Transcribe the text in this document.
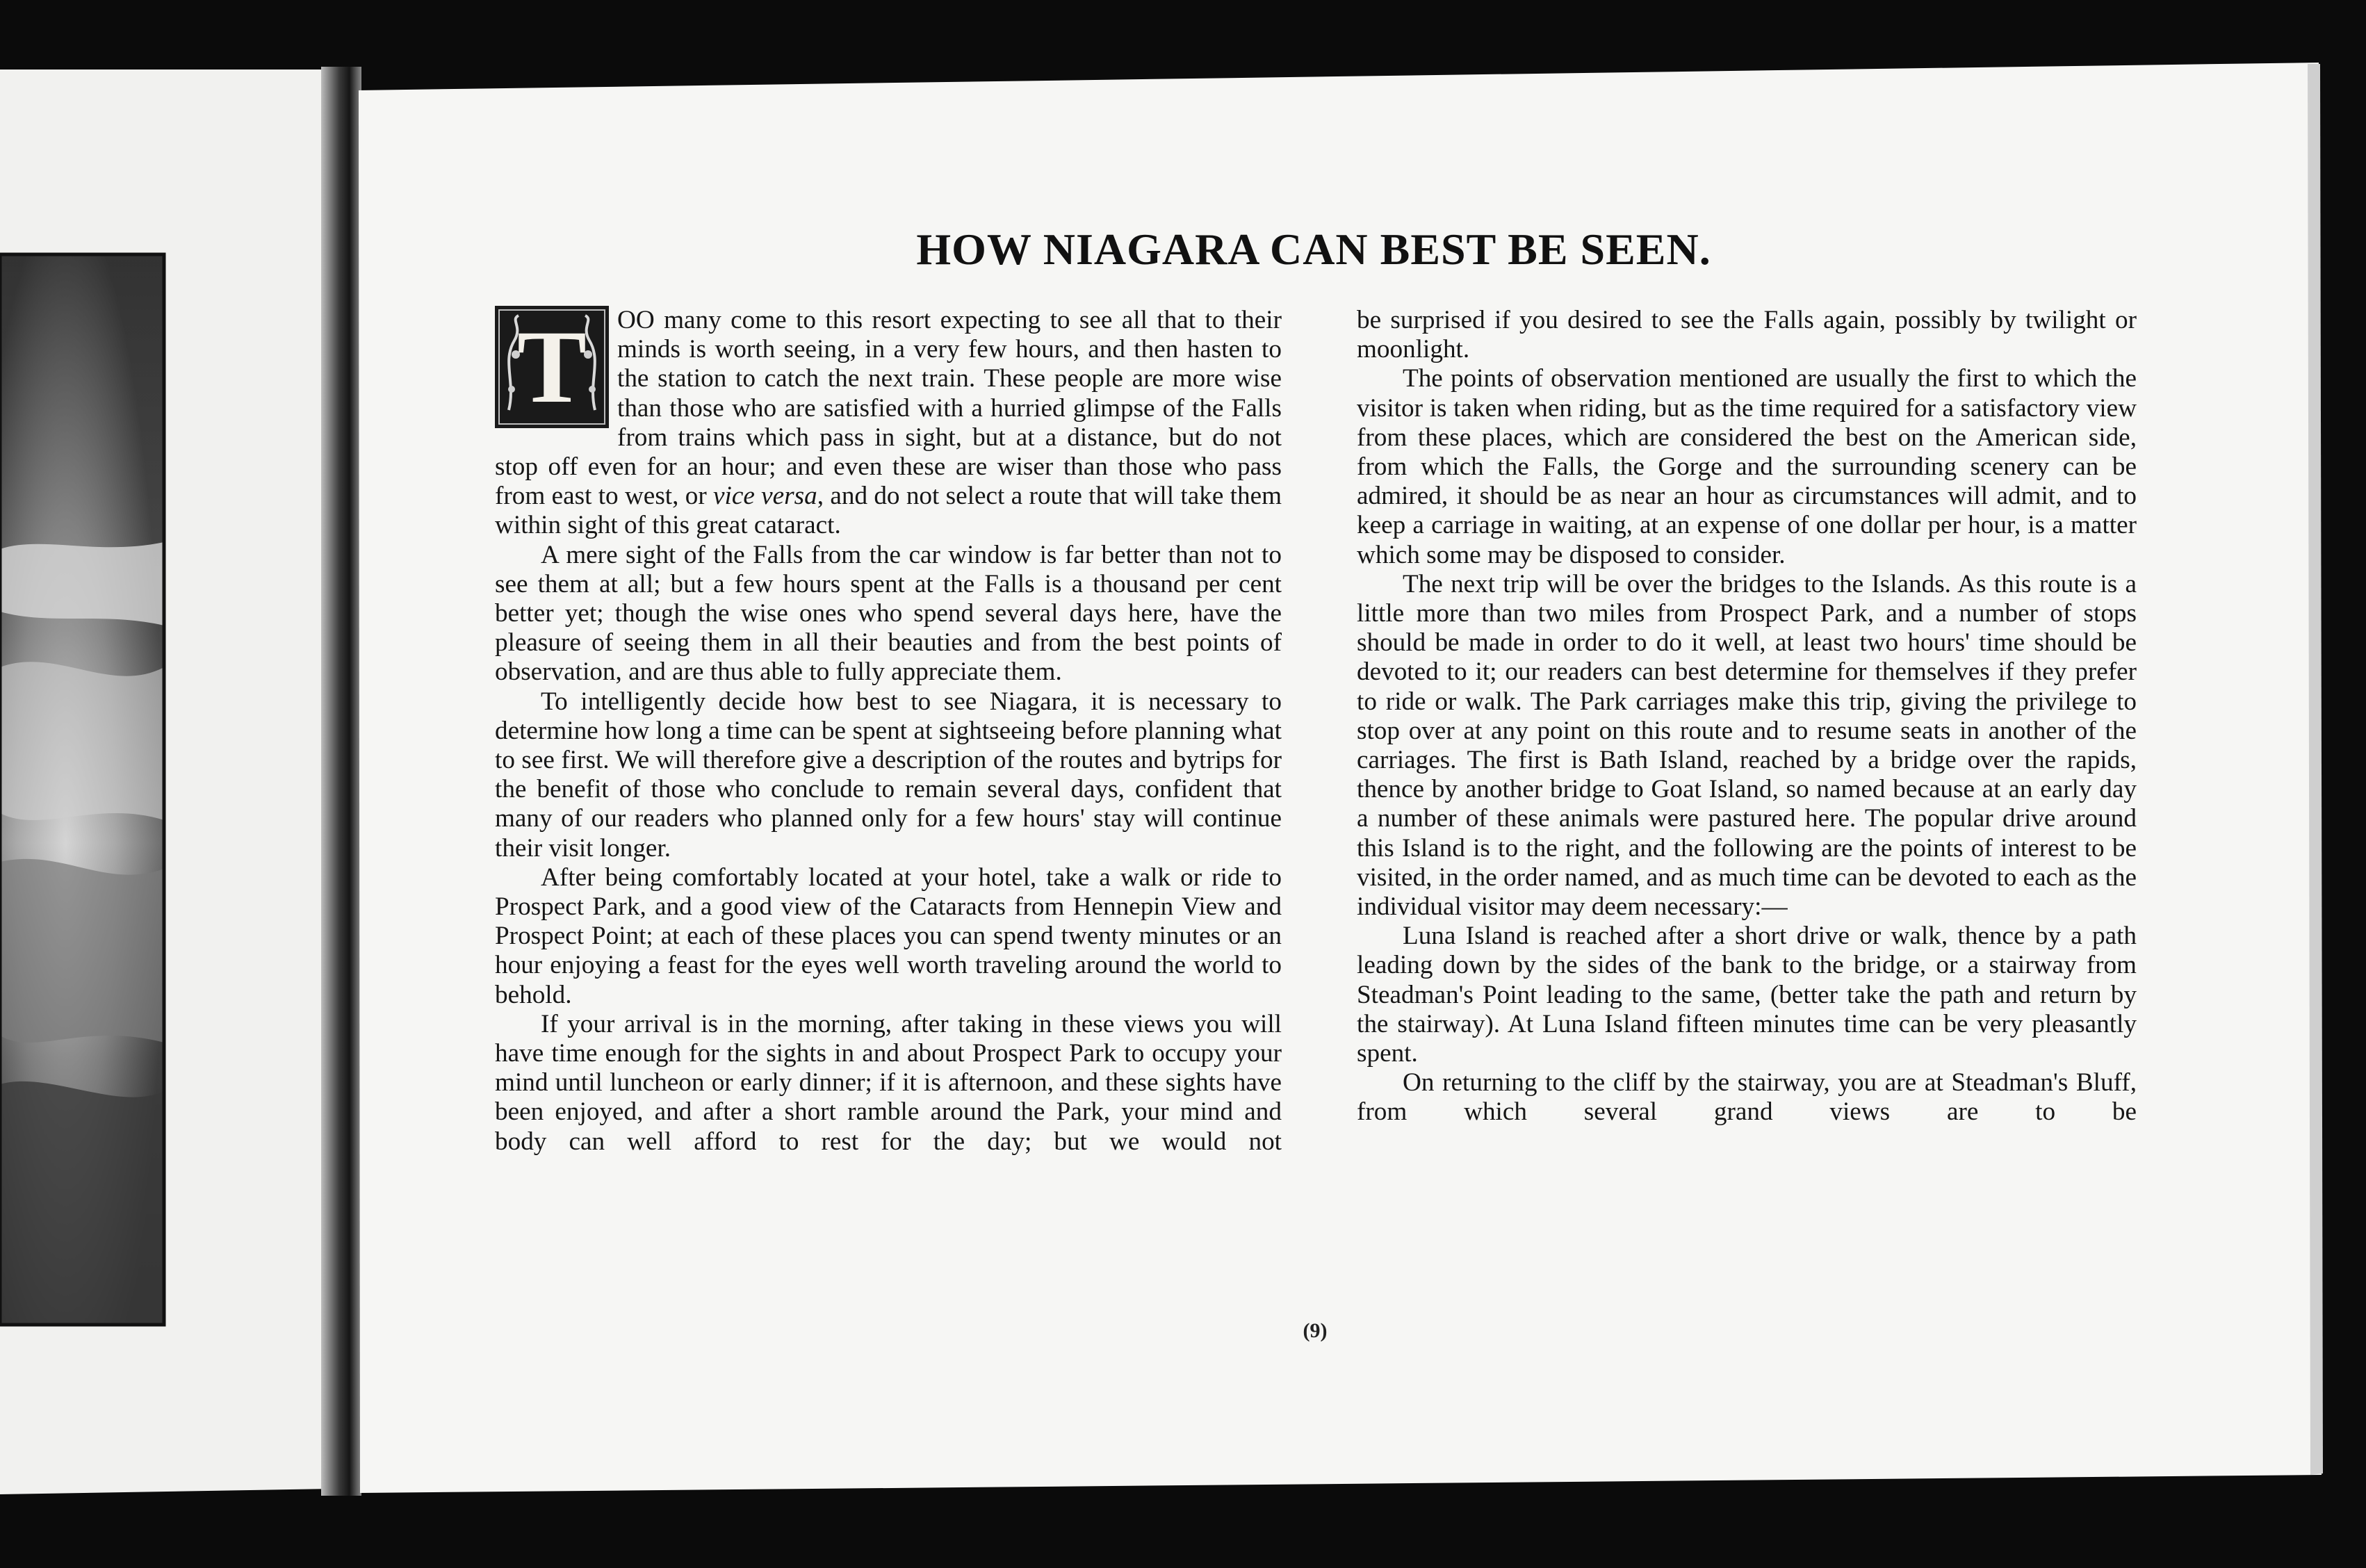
HOW NIAGARA CAN BEST BE SEEN.

T	OO many come to this resort expecting to see all that to their minds is worth seeing, in a very few hours, and then hasten to the station to catch the next train. These people are more wise than those who are satisfied with a hurried glimpse of the Falls from trains which pass in sight, but at a distance, but do not stop off even for an hour; and even these are wiser than those who pass from east to west, or vice versa, and do not select a route that will take them within sight of this great cataract.

A mere sight of the Falls from the car window is far better than not to see them at all; but a few hours spent at the Falls is a thousand per cent better yet; though the wise ones who spend several days here, have the pleasure of seeing them in all their beauties and from the best points of observation, and are thus able to fully appreciate them.

To intelligently decide how best to see Niagara, it is necessary to determine how long a time can be spent at sightseeing before planning what to see first. We will therefore give a description of the routes and bytrips for the benefit of those who conclude to remain several days, confident that many of our readers who planned only for a few hours' stay will continue their visit longer.

After being comfortably located at your hotel, take a walk or ride to Prospect Park, and a good view of the Cataracts from Hennepin View and Prospect Point; at each of these places you can spend twenty minutes or an hour enjoying a feast for the eyes well worth traveling around the world to behold.

If your arrival is in the morning, after taking in these views you will have time enough for the sights in and about Prospect Park to occupy your mind until luncheon or early dinner; if it is afternoon, and these sights have been enjoyed, and after a short ramble around the Park, your mind and body can well afford to rest for the day; but we would not

be surprised if you desired to see the Falls again, possibly by twilight or moonlight.

The points of observation mentioned are usually the first to which the visitor is taken when riding, but as the time required for a satisfactory view from these places, which are considered the best on the American side, from which the Falls, the Gorge and the surrounding scenery can be admired, it should be as near an hour as circumstances will admit, and to keep a carriage in waiting, at an expense of one dollar per hour, is a matter which some may be disposed to consider.

The next trip will be over the bridges to the Islands. As this route is a little more than two miles from Prospect Park, and a number of stops should be made in order to do it well, at least two hours' time should be devoted to it; our readers can best determine for themselves if they prefer to ride or walk. The Park carriages make this trip, giving the privilege to stop over at any point on this route and to resume seats in another of the carriages. The first is Bath Island, reached by a bridge over the rapids, thence by another bridge to Goat Island, so named because at an early day a number of these animals were pastured here. The popular drive around this Island is to the right, and the following are the points of interest to be visited, in the order named, and as much time can be devoted to each as the individual visitor may deem necessary:—

Luna Island is reached after a short drive or walk, thence by a path leading down by the sides of the bank to the bridge, or a stairway from Steadman's Point leading to the same, (better take the path and return by the stairway). At Luna Island fifteen minutes time can be very pleasantly spent.

On returning to the cliff by the stairway, you are at Steadman's Bluff, from which several grand views are to be

(9)
